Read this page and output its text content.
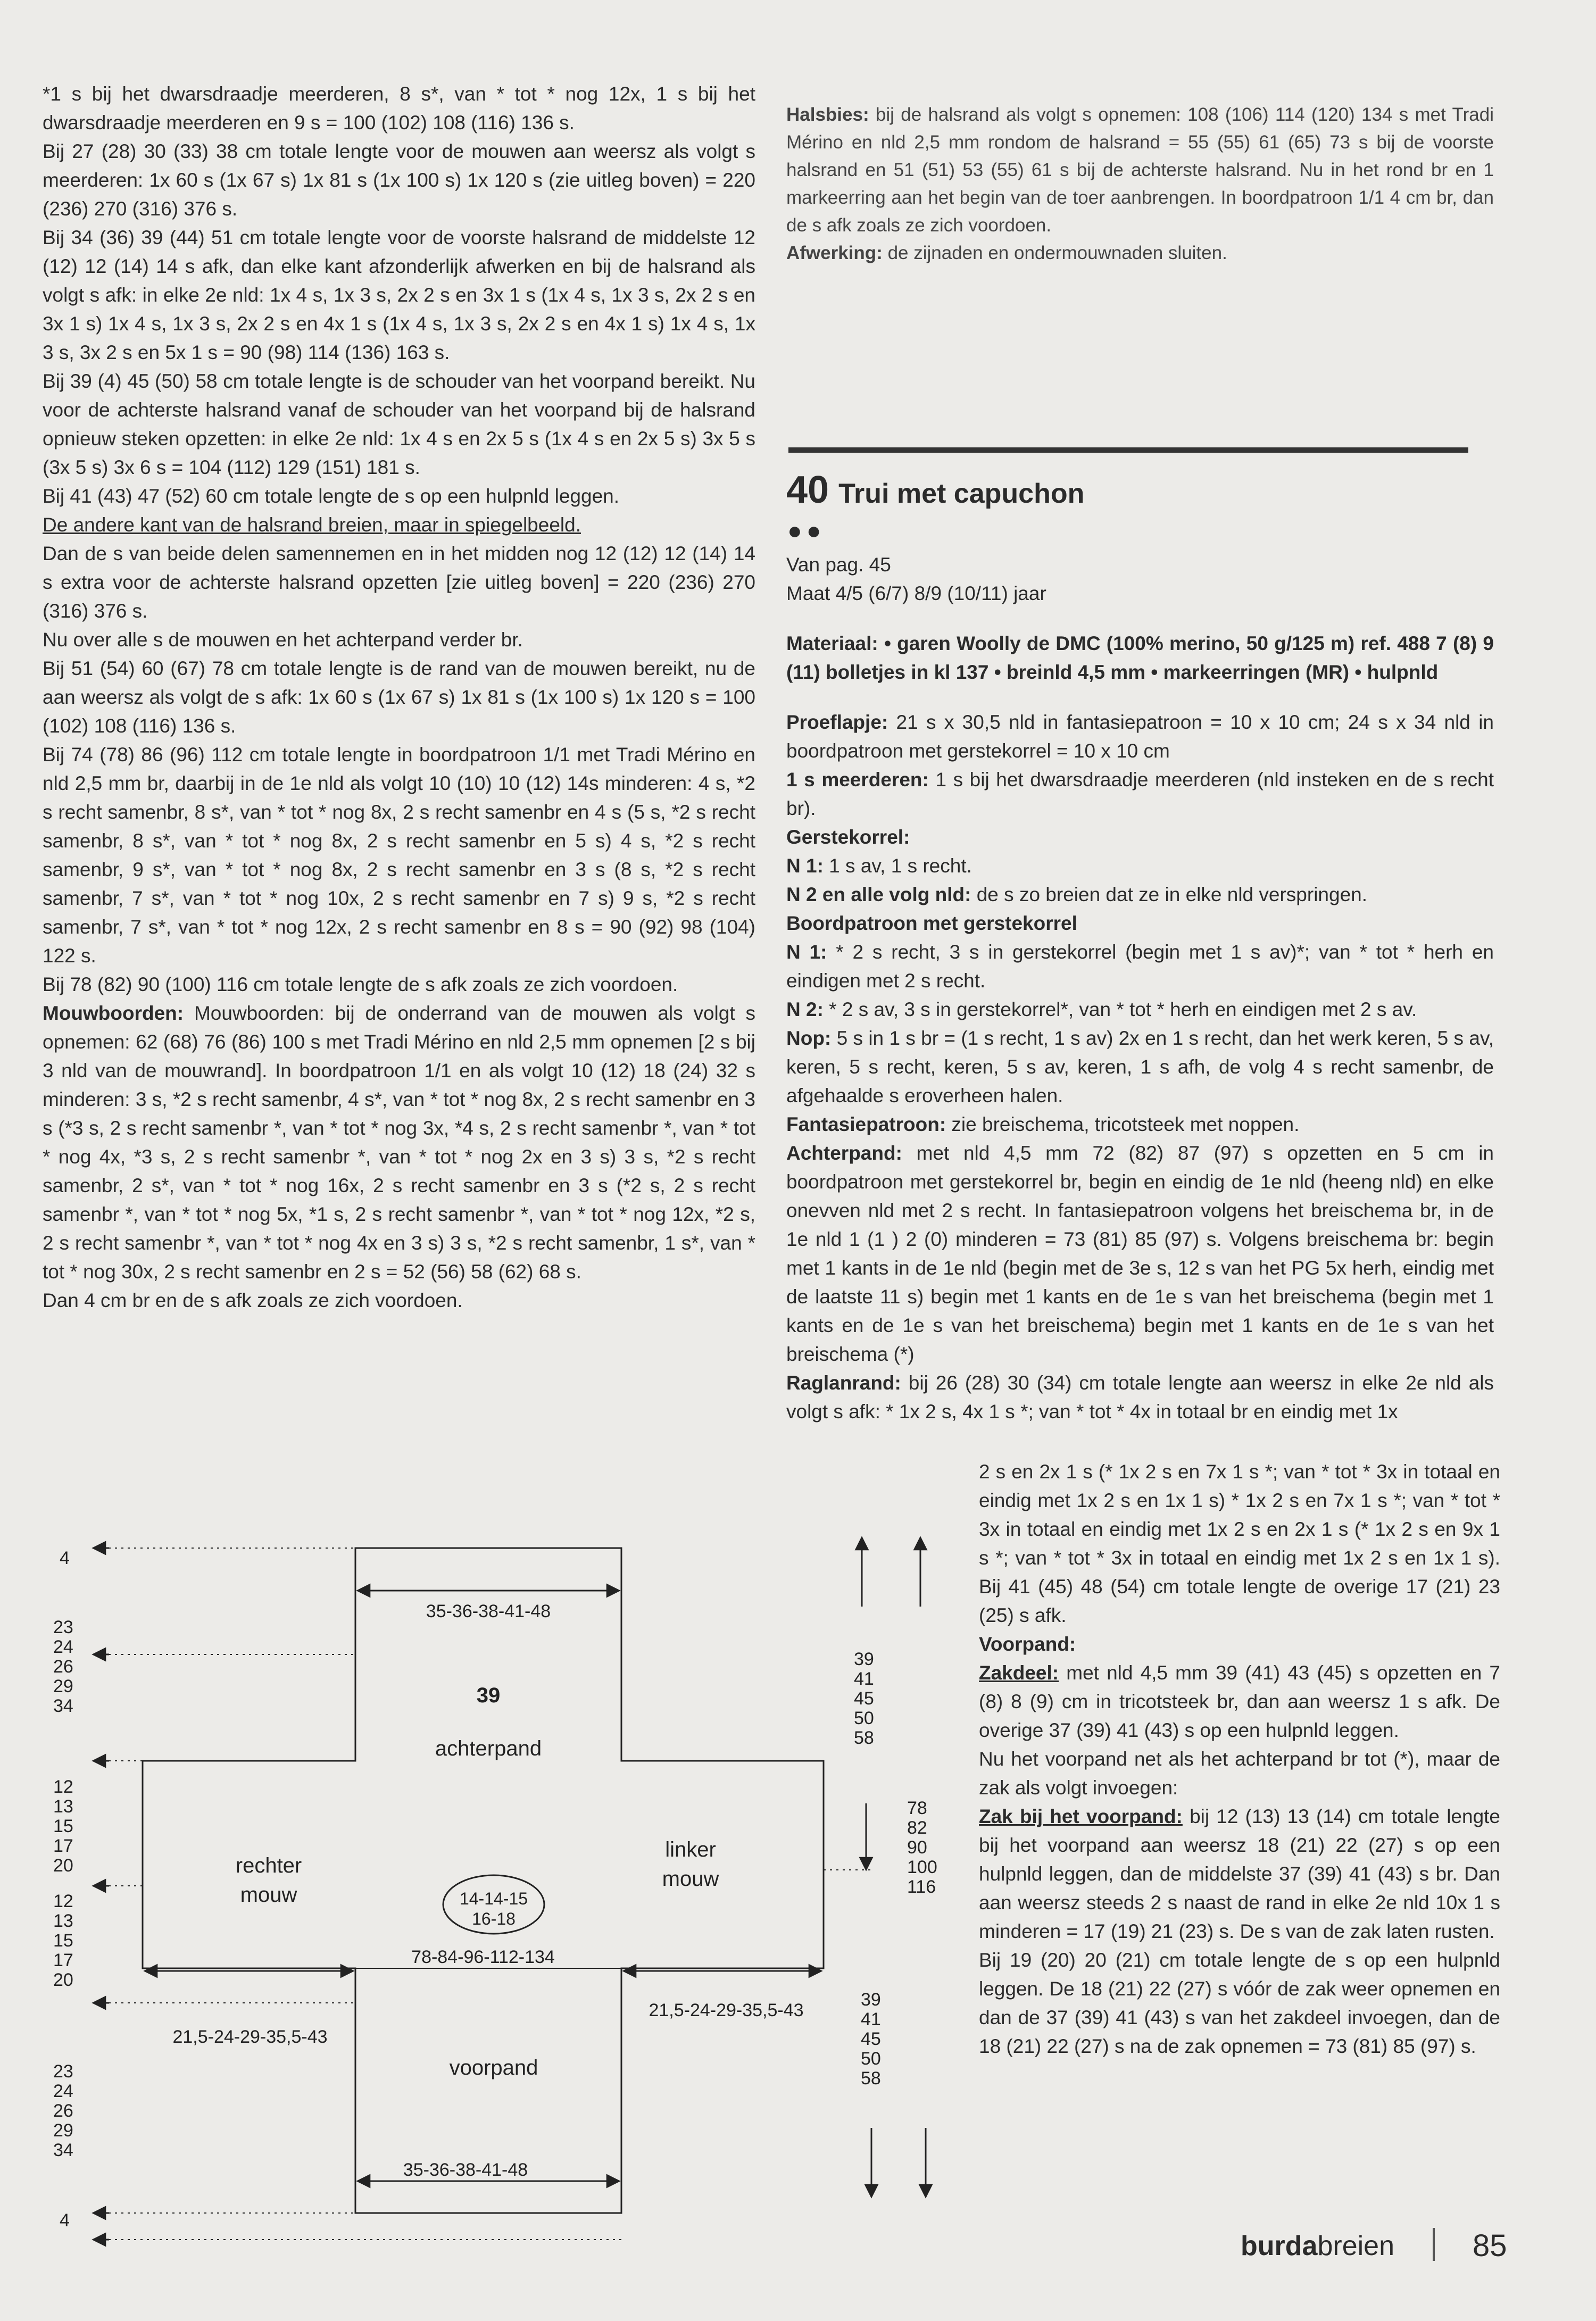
*1 s bij het dwarsdraadje meerderen, 8 s*, van * tot * nog 12x, 1 s bij het dwarsdraadje meerderen en 9 s = 100 (102) 108 (116) 136 s.

Bij 27 (28) 30 (33) 38 cm totale lengte voor de mouwen aan weersz als volgt s meerderen: 1x 60 s (1x 67 s) 1x 81 s (1x 100 s) 1x 120 s (zie uitleg boven) = 220 (236) 270 (316) 376 s.

Bij 34 (36) 39 (44) 51 cm totale lengte voor de voorste halsrand de middelste 12 (12) 12 (14) 14 s afk, dan elke kant afzonderlijk afwerken en bij de halsrand als volgt s afk: in elke 2e nld: 1x 4 s, 1x 3 s, 2x 2 s en 3x 1 s (1x 4 s, 1x 3 s, 2x 2 s en 3x 1 s) 1x 4 s, 1x 3 s, 2x 2 s en 4x 1 s (1x 4 s, 1x 3 s, 2x 2 s en 4x 1 s) 1x 4 s, 1x 3 s, 3x 2 s en 5x 1 s = 90 (98) 114 (136) 163 s.

Bij 39 (4) 45 (50) 58 cm totale lengte is de schouder van het voorpand bereikt. Nu voor de achterste halsrand vanaf de schouder van het voorpand bij de halsrand opnieuw steken opzetten: in elke 2e nld: 1x 4 s en 2x 5 s (1x 4 s en 2x 5 s) 3x 5 s (3x 5 s) 3x 6 s = 104 (112) 129 (151) 181 s.

Bij 41 (43) 47 (52) 60 cm totale lengte de s op een hulpnld leggen.

De andere kant van de halsrand breien, maar in spiegelbeeld.

Dan de s van beide delen samennemen en in het midden nog 12 (12) 12 (14) 14 s extra voor de achterste halsrand opzetten [zie uitleg boven] = 220 (236) 270 (316) 376 s.

Nu over alle s de mouwen en het achterpand verder br.

Bij 51 (54) 60 (67) 78 cm totale lengte is de rand van de mouwen bereikt, nu de aan weersz als volgt de s afk: 1x 60 s (1x 67 s) 1x 81 s (1x 100 s) 1x 120 s = 100 (102) 108 (116) 136 s.

Bij 74 (78) 86 (96) 112 cm totale lengte in boordpatroon 1/1 met Tradi Mérino en nld 2,5 mm br, daarbij in de 1e nld als volgt 10 (10) 10 (12) 14s minderen: 4 s, *2 s recht samenbr, 8 s*, van * tot * nog 8x, 2 s recht samenbr en 4 s (5 s, *2 s recht samenbr, 8 s*, van * tot * nog 8x, 2 s recht samenbr en 5 s) 4 s, *2 s recht samenbr, 9 s*, van * tot * nog 8x, 2 s recht samenbr en 3 s (8 s, *2 s recht samenbr, 7 s*, van * tot * nog 10x, 2 s recht samenbr en 7 s) 9 s, *2 s recht samenbr, 7 s*, van * tot * nog 12x, 2 s recht samenbr en 8 s = 90 (92) 98 (104) 122 s.

Bij 78 (82) 90 (100) 116 cm totale lengte de s afk zoals ze zich voordoen.

Mouwboorden: Mouwboorden: bij de onderrand van de mouwen als volgt s opnemen: 62 (68) 76 (86) 100 s met Tradi Mérino en nld 2,5 mm opnemen [2 s bij 3 nld van de mouwrand]. In boordpatroon 1/1 en als volgt 10 (12) 18 (24) 32 s minderen: 3 s, *2 s recht samenbr, 4 s*, van * tot * nog 8x, 2 s recht samenbr en 3 s (*3 s, 2 s recht samenbr *, van * tot * nog 3x, *4 s, 2 s recht samenbr *, van * tot * nog 4x, *3 s, 2 s recht samenbr *, van * tot * nog 2x en 3 s) 3 s, *2 s recht samenbr, 2 s*, van * tot * nog 16x, 2 s recht samenbr en 3 s (*2 s, 2 s recht samenbr *, van * tot * nog 5x, *1 s, 2 s recht samenbr *, van * tot * nog 12x, *2 s, 2 s recht samenbr *, van * tot * nog 4x en 3 s) 3 s, *2 s recht samenbr, 1 s*, van * tot * nog 30x, 2 s recht samenbr en 2 s = 52 (56) 58 (62) 68 s.

Dan 4 cm br en de s afk zoals ze zich voordoen.

Halsbies: bij de halsrand als volgt s opnemen: 108 (106) 114 (120) 134 s met Tradi Mérino en nld 2,5 mm rondom de halsrand = 55 (55) 61 (65) 73 s bij de voorste halsrand en 51 (51) 53 (55) 61 s bij de achterste halsrand. Nu in het rond br en 1 markeerring aan het begin van de toer aanbrengen. In boordpatroon 1/1 4 cm br, dan de s afk zoals ze zich voordoen.

Afwerking: de zijnaden en ondermouwnaden sluiten.

40 Trui met capuchon
●●

Van pag. 45

Maat 4/5 (6/7) 8/9 (10/11) jaar

Materiaal: • garen Woolly de DMC (100% merino, 50 g/125 m) ref. 488 7 (8) 9 (11) bolletjes in kl 137 • breinld 4,5 mm • markeerringen (MR) • hulpnld

Proeflapje: 21 s x 30,5 nld in fantasiepatroon = 10 x 10 cm; 24 s x 34 nld in boordpatroon met gerstekorrel = 10 x 10 cm

1 s meerderen: 1 s bij het dwarsdraadje meerderen (nld insteken en de s recht br).

Gerstekorrel:

N 1: 1 s av, 1 s recht.

N 2 en alle volg nld: de s zo breien dat ze in elke nld verspringen.

Boordpatroon met gerstekorrel

N 1: * 2 s recht, 3 s in gerstekorrel (begin met 1 s av)*; van * tot * herh en eindigen met 2 s recht.

N 2: * 2 s av, 3 s in gerstekorrel*, van * tot * herh en eindigen met 2 s av.

Nop: 5 s in 1 s br = (1 s recht, 1 s av) 2x en 1 s recht, dan het werk keren, 5 s av, keren, 5 s recht, keren, 5 s av, keren, 1 s afh, de volg 4 s recht samenbr, de afgehaalde s eroverheen halen.

Fantasiepatroon: zie breischema, tricotsteek met noppen.

Achterpand: met nld 4,5 mm 72 (82) 87 (97) s opzetten en 5 cm in boordpatroon met gerstekorrel br, begin en eindig de 1e nld (heeng nld) en elke onevven nld met 2 s recht. In fantasiepatroon volgens het breischema br, in de 1e nld 1 (1 ) 2 (0) minderen = 73 (81) 85 (97) s. Volgens breischema br: begin met 1 kants in de 1e nld (begin met de 3e s, 12 s van het PG 5x herh, eindig met de laatste 11 s) begin met 1 kants en de 1e s van het breischema (begin met 1 kants en de 1e s van het breischema) begin met 1 kants en de 1e s van het breischema (*)

Raglanrand: bij 26 (28) 30 (34) cm totale lengte aan weersz in elke 2e nld als volgt s afk: * 1x 2 s, 4x 1 s *; van * tot * 4x in totaal br en eindig met 1x

2 s en 2x 1 s (* 1x 2 s en 7x 1 s *; van * tot * 3x in totaal en eindig met 1x 2 s en 1x 1 s) * 1x 2 s en 7x 1 s *; van * tot * 3x in totaal en eindig met 1x 2 s en 2x 1 s (* 1x 2 s en 9x 1 s *; van * tot * 3x in totaal en eindig met 1x 2 s en 1x 1 s). Bij 41 (45) 48 (54) cm totale lengte de overige 17 (21) 23 (25) s afk.

Voorpand:

Zakdeel: met nld 4,5 mm 39 (41) 43 (45) s opzetten en 7 (8) 8 (9) cm in tricotsteek br, dan aan weersz 1 s afk. De overige 37 (39) 41 (43) s op een hulpnld leggen.

Nu het voorpand net als het achterpand br tot (*), maar de zak als volgt invoegen:

Zak bij het voorpand: bij 12 (13) 13 (14) cm totale lengte bij het voorpand aan weersz 18 (21) 22 (27) s op een hulpnld leggen, dan de middelste 37 (39) 41 (43) s br. Dan aan weersz steeds 2 s naast de rand in elke 2e nld 10x 1 s minderen = 17 (19) 21 (23) s. De s van de zak laten rusten.

Bij 19 (20) 20 (21) cm totale lengte de s op een hulpnld leggen. De 18 (21) 22 (27) s vóór de zak weer opnemen en dan de 37 (39) 41 (43) s van het zakdeel invoegen, dan de 18 (21) 22 (27) s na de zak opnemen = 73 (81) 85 (97) s.

4
23
24
26
29
34
12
13
15
17
20
12
13
15
17
20
23
24
26
29
34
4
35-36-38-41-48
39
achterpand
rechter
mouw
linker
mouw
14-14-15
16-18
78-84-96-112-134
21,5-24-29-35,5-43
21,5-24-29-35,5-43
voorpand
35-36-38-41-48
39
41
45
50
58
78
82
90
100
116
39
41
45
50
58
burdabreien	85
